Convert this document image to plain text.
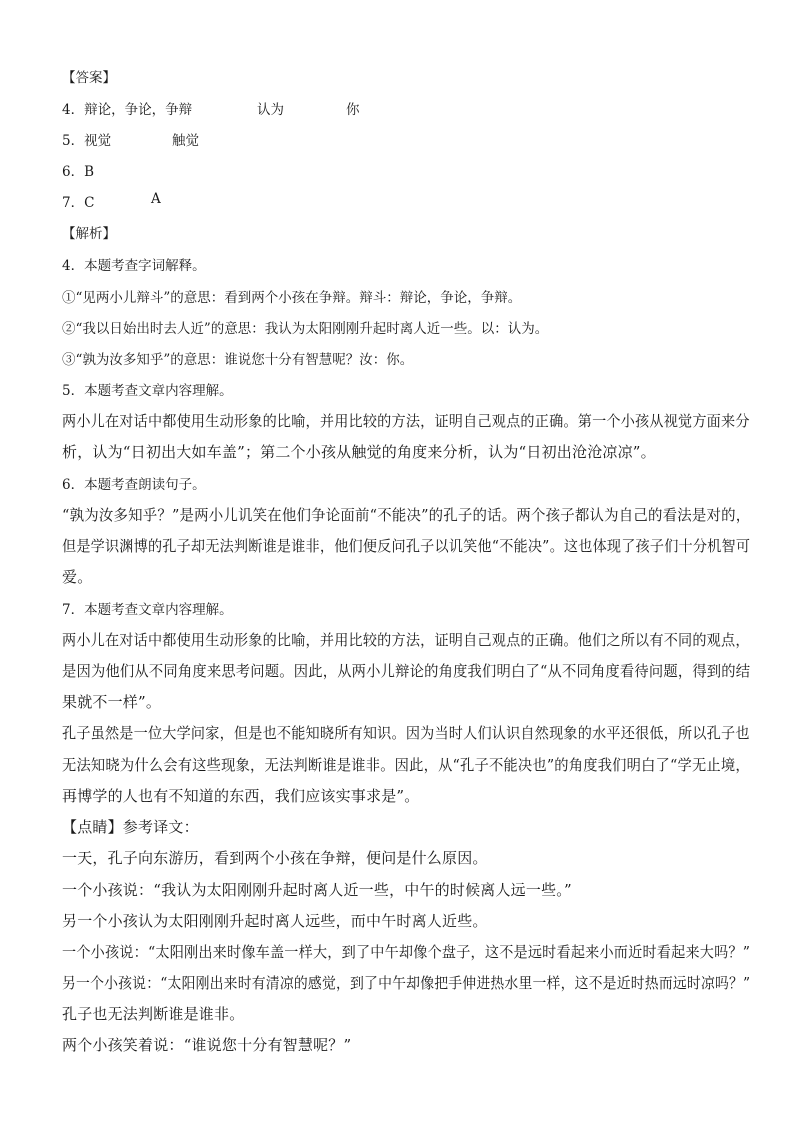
【答案】
4．辩论，争论，争辩	认为	你
5．视觉	触觉
6．B
7．C	A
【解析】
4．本题考查字词解释。
①“见两小儿辩斗”的意思：看到两个小孩在争辩。辩斗：辩论，争论，争辩。
②“我以日始出时去人近”的意思：我认为太阳刚刚升起时离人近一些。以：认为。
③“孰为汝多知乎”的意思：谁说您十分有智慧呢？汝：你。
5．本题考查文章内容理解。
两小儿在对话中都使用生动形象的比喻，并用比较的方法，证明自己观点的正确。第一个小孩从视觉方面来分
析，认为“日初出大如车盖”；第二个小孩从触觉的角度来分析，认为“日初出沧沧凉凉”。
6．本题考查朗读句子。
“孰为汝多知乎？”是两小儿讥笑在他们争论面前“不能决”的孔子的话。两个孩子都认为自己的看法是对的，
但是学识渊博的孔子却无法判断谁是谁非，他们便反问孔子以讥笑他“不能决”。这也体现了孩子们十分机智可
爱。
7．本题考查文章内容理解。
两小儿在对话中都使用生动形象的比喻，并用比较的方法，证明自己观点的正确。他们之所以有不同的观点，
是因为他们从不同角度来思考问题。因此，从两小儿辩论的角度我们明白了“从不同角度看待问题，得到的结
果就不一样”。
孔子虽然是一位大学问家，但是也不能知晓所有知识。因为当时人们认识自然现象的水平还很低，所以孔子也
无法知晓为什么会有这些现象，无法判断谁是谁非。因此，从“孔子不能决也”的角度我们明白了“学无止境，
再博学的人也有不知道的东西，我们应该实事求是”。
【点睛】参考译文：
一天，孔子向东游历，看到两个小孩在争辩，便问是什么原因。
一个小孩说：“我认为太阳刚刚升起时离人近一些，中午的时候离人远一些。”
另一个小孩认为太阳刚刚升起时离人远些，而中午时离人近些。
一个小孩说：“太阳刚出来时像车盖一样大，到了中午却像个盘子，这不是远时看起来小而近时看起来大吗？”
另一个小孩说：“太阳刚出来时有清凉的感觉，到了中午却像把手伸进热水里一样，这不是近时热而远时凉吗？”
孔子也无法判断谁是谁非。
两个小孩笑着说：“谁说您十分有智慧呢？”
